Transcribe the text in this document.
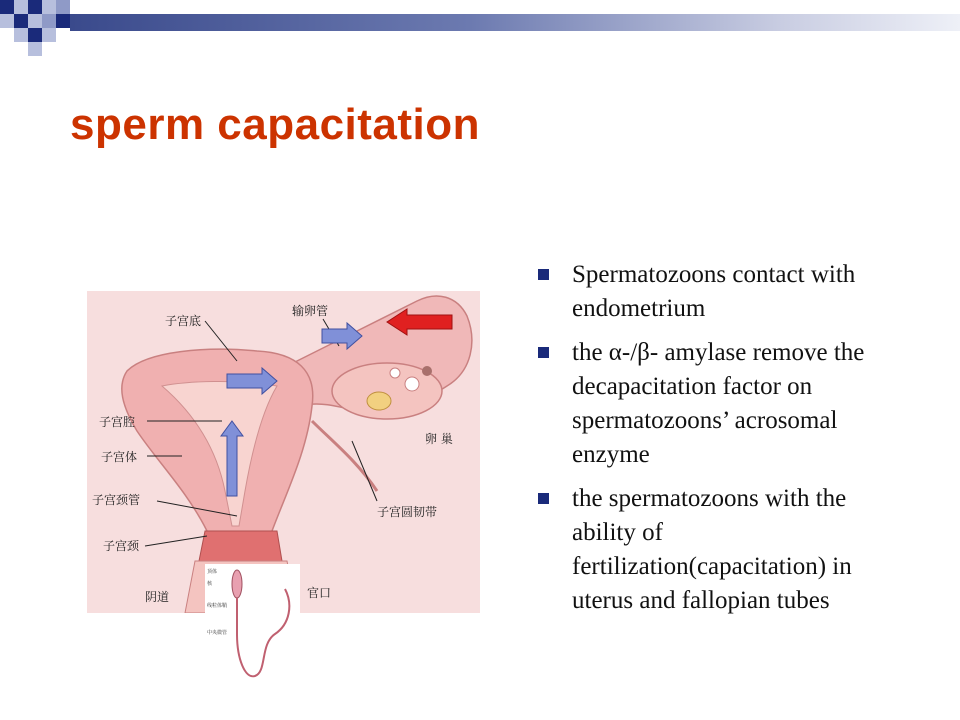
sperm capacitation
子宫底
输卵管
子宫腔
子宫体
卵 巢
子宫颈管
子宫圆韧带
子宫颈
阴道	官口
顶体
核
线粒体鞘
中央微管
Spermatozoons contact with endometrium
the α-/β- amylase remove the decapacitation factor on spermatozoons’ acrosomal enzyme
the spermatozoons with the ability of fertilization(capacitation) in uterus and fallopian tubes
